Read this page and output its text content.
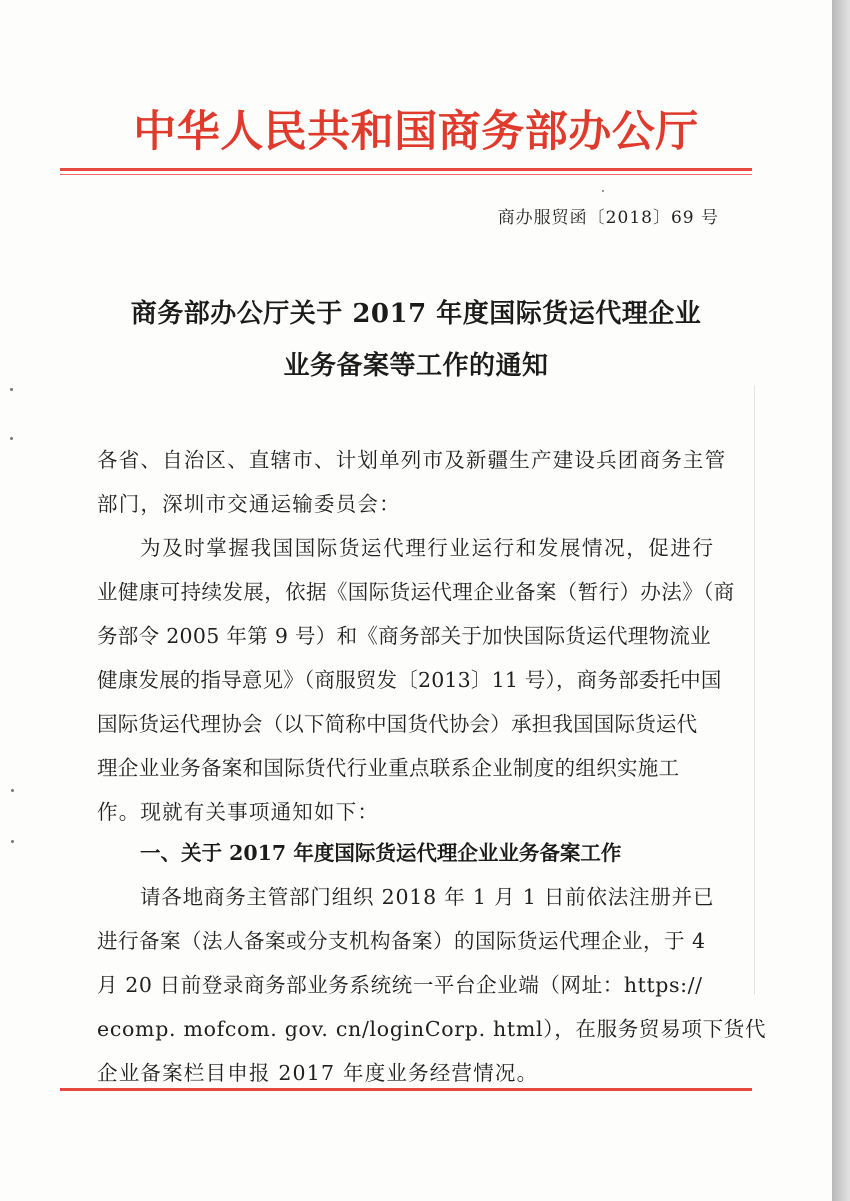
中华人民共和国商务部办公厅
商办服贸函〔2018〕69 号
商务部办公厅关于 2017 年度国际货运代理企业
业务备案等工作的通知
各省、自治区、直辖市、计划单列市及新疆生产建设兵团商务主管
部门，深圳市交通运输委员会：
为及时掌握我国国际货运代理行业运行和发展情况，促进行
业健康可持续发展，依据《国际货运代理企业备案（暂行）办法》（商
务部令 2005 年第 9 号）和《商务部关于加快国际货运代理物流业
健康发展的指导意见》（商服贸发〔2013〕11 号），商务部委托中国
国际货运代理协会（以下简称中国货代协会）承担我国国际货运代
理企业业务备案和国际货代行业重点联系企业制度的组织实施工
作。现就有关事项通知如下：
一、关于 2017 年度国际货运代理企业业务备案工作
请各地商务主管部门组织 2018 年 1 月 1 日前依法注册并已
进行备案（法人备案或分支机构备案）的国际货运代理企业，于 4
月 20 日前登录商务部业务系统统一平台企业端（网址：https://
ecomp. mofcom. gov. cn/loginCorp. html），在服务贸易项下货代
企业备案栏目申报 2017 年度业务经营情况。
